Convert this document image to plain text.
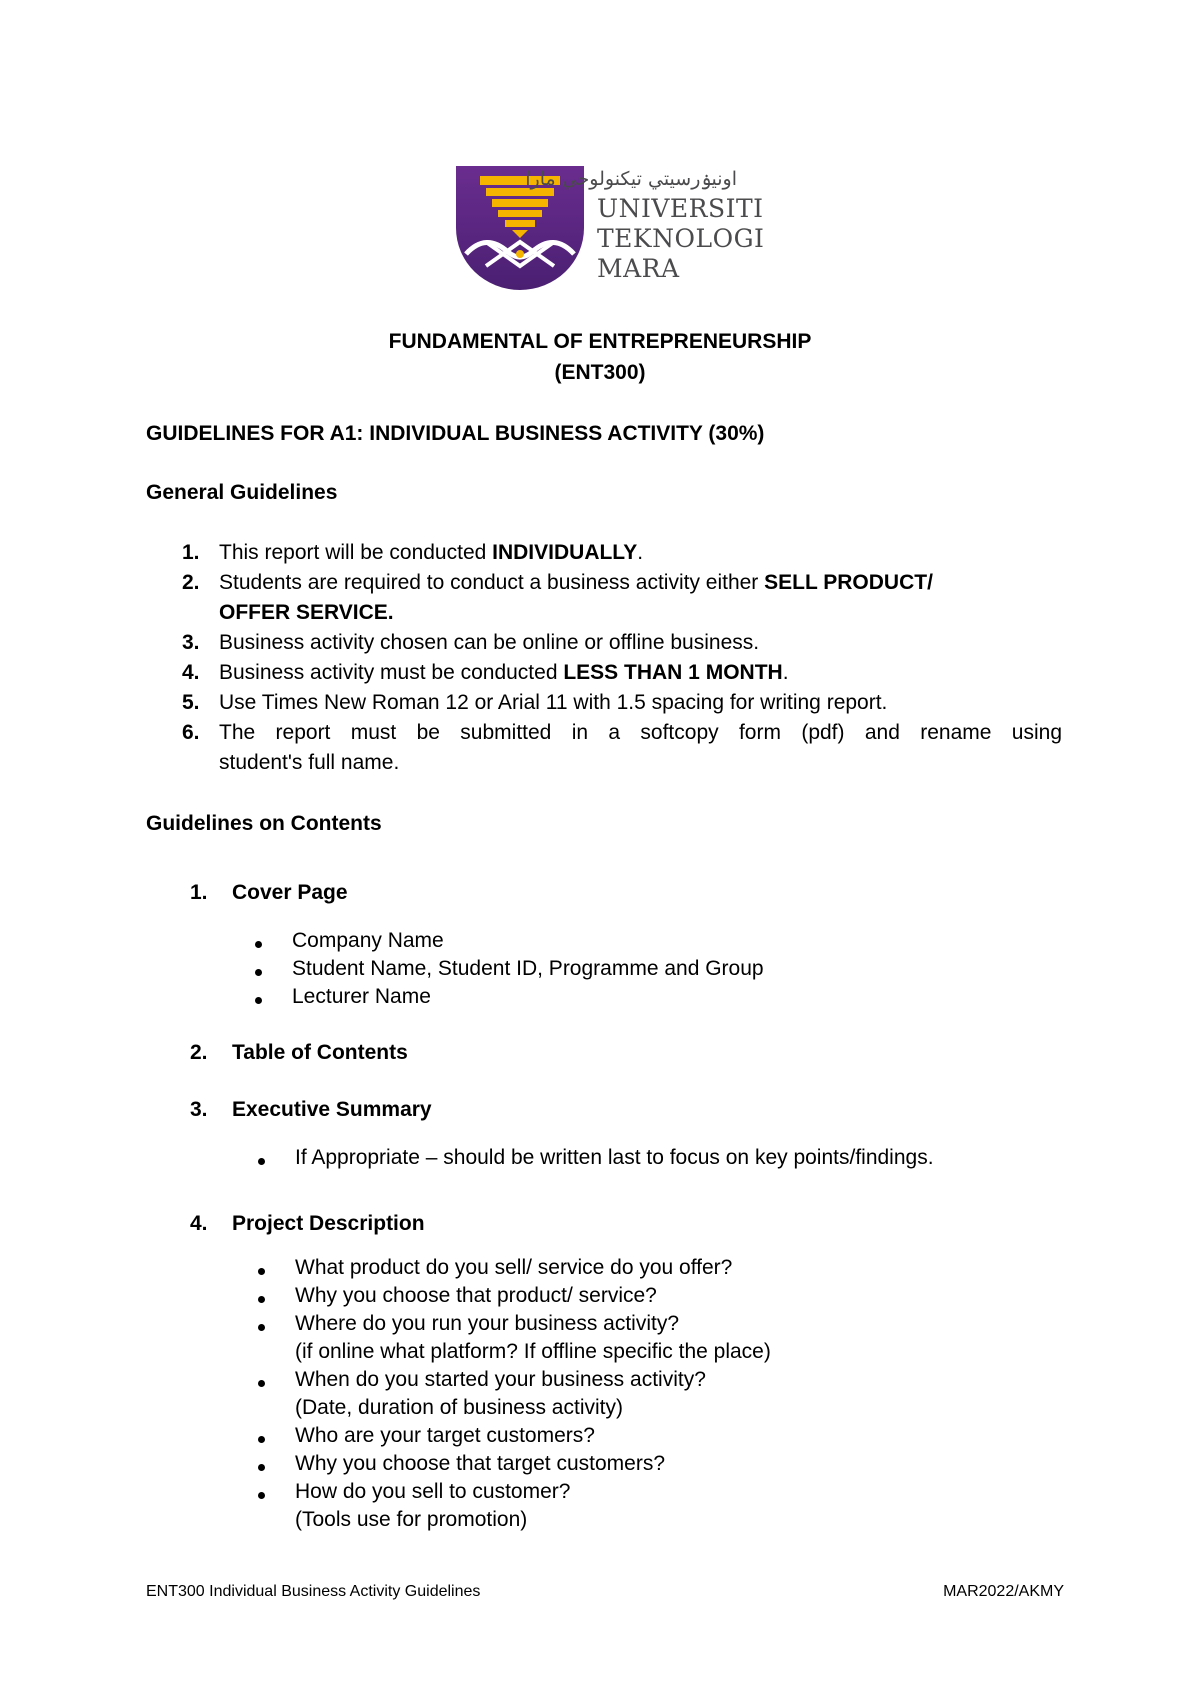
اونيۏرسيتي تيكنولوجي مارا
UNIVERSITI
TEKNOLOGI
MARA
FUNDAMENTAL OF ENTREPRENEURSHIP
(ENT300)
GUIDELINES FOR A1: INDIVIDUAL BUSINESS ACTIVITY (30%)
General Guidelines
1. This report will be conducted INDIVIDUALLY.
2. Students are required to conduct a business activity either SELL PRODUCT/
OFFER SERVICE.
3. Business activity chosen can be online or offline business.
4. Business activity must be conducted LESS THAN 1 MONTH.
5. Use Times New Roman 12 or Arial 11 with 1.5 spacing for writing report.
6. The report must be submitted in a softcopy form (pdf) and rename using
student's full name.
Guidelines on Contents
1. Cover Page
Company Name
Student Name, Student ID, Programme and Group
Lecturer Name
2. Table of Contents
3. Executive Summary
If Appropriate – should be written last to focus on key points/findings.
4. Project Description
What product do you sell/ service do you offer?
Why you choose that product/ service?
Where do you run your business activity?
(if online what platform? If offline specific the place)
When do you started your business activity?
(Date, duration of business activity)
Who are your target customers?
Why you choose that target customers?
How do you sell to customer?
(Tools use for promotion)
ENT300 Individual Business Activity Guidelines	MAR2022/AKMY
